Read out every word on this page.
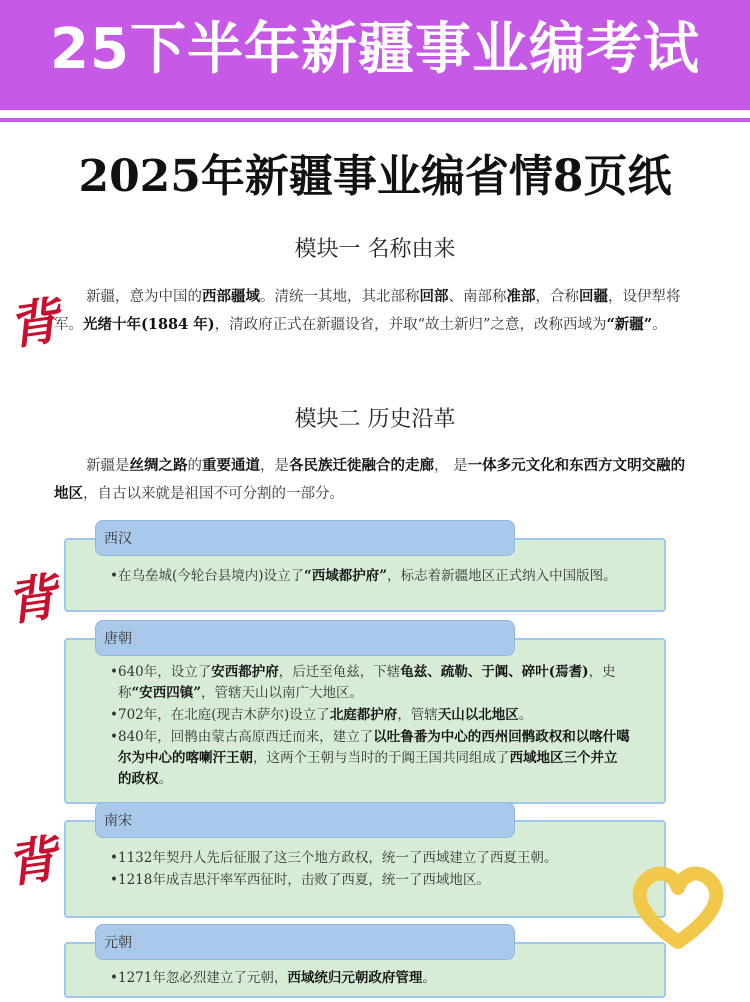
25下半年新疆事业编考试
2025年新疆事业编省情8页纸
模块一 名称由来
背	新疆，意为中国的西部疆域。清统一其地，其北部称回部、南部称准部，合称回疆，设伊犁将军。光绪十年(1884 年)，清政府正式在新疆设省，并取“故土新归”之意，改称西域为“新疆”。
模块二 历史沿革
新疆是丝绸之路的重要通道，是各民族迁徙融合的走廊， 是一体多元文化和东西方文明交融的地区，自古以来就是祖国不可分割的一部分。
西汉
• 在乌垒城(今轮台县境内)设立了“西域都护府”，标志着新疆地区正式纳入中国版图。
唐朝
• 640年，设立了安西都护府，后迁至龟兹，下辖龟兹、疏勒、于阗、碎叶(焉耆)，史称“安西四镇”，管辖天山以南广大地区。
• 702年，在北庭(现吉木萨尔)设立了北庭都护府，管辖天山以北地区。
• 840年，回鹘由蒙古高原西迁而来，建立了以吐鲁番为中心的西州回鹘政权和以喀什噶尔为中心的喀喇汗王朝，这两个王朝与当时的于阗王国共同组成了西域地区三个并立的政权。
南宋
• 1132年契丹人先后征服了这三个地方政权，统一了西域建立了西夏王朝。
• 1218年成吉思汗率军西征时，击败了西夏，统一了西域地区。
元朝
• 1271年忽必烈建立了元朝，西域统归元朝政府管理。
背
背
